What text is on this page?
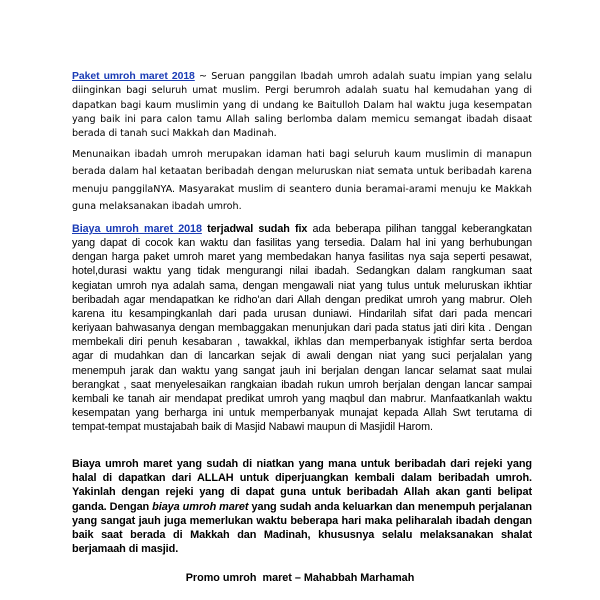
Paket umroh maret 2018 ~ Seruan panggilan Ibadah umroh adalah suatu impian yang selalu diinginkan bagi seluruh umat muslim. Pergi berumroh adalah suatu hal kemudahan yang di dapatkan bagi kaum muslimin yang di undang ke Baitulloh Dalam hal waktu juga kesempatan yang baik ini para calon tamu Allah saling berlomba dalam memicu semangat ibadah disaat berada di tanah suci Makkah dan Madinah.

Menunaikan ibadah umroh merupakan idaman hati bagi seluruh kaum muslimin di manapun berada dalam hal ketaatan beribadah dengan meluruskan niat semata untuk beribadah karena menuju panggilaNYA. Masyarakat muslim di seantero dunia beramai-arami menuju ke Makkah guna melaksanakan ibadah umroh.

Biaya umroh maret 2018 terjadwal sudah fix ada beberapa pilihan tanggal keberangkatan yang dapat di cocok kan waktu dan fasilitas yang tersedia. Dalam hal ini yang berhubungan dengan harga paket umroh maret yang membedakan hanya fasilitas nya saja seperti pesawat, hotel,durasi waktu yang tidak mengurangi nilai ibadah. Sedangkan dalam rangkuman saat kegiatan umroh nya adalah sama, dengan mengawali niat yang tulus untuk meluruskan ikhtiar beribadah agar mendapatkan ke ridho'an dari Allah dengan predikat umroh yang mabrur. Oleh karena itu kesampingkanlah dari pada urusan duniawi. Hindarilah sifat dari pada mencari keriyaan bahwasanya dengan membaggakan menunjukan dari pada status jati diri kita . Dengan membekali diri penuh kesabaran , tawakkal, ikhlas dan memperbanyak istighfar serta berdoa agar di mudahkan dan di lancarkan sejak di awali dengan niat yang suci perjalalan yang menempuh jarak dan waktu yang sangat jauh ini berjalan dengan lancar selamat saat mulai berangkat , saat menyelesaikan rangkaian ibadah rukun umroh berjalan dengan lancar sampai kembali ke tanah air mendapat predikat umroh yang maqbul dan mabrur. Manfaatkanlah waktu kesempatan yang berharga ini untuk memperbanyak munajat kepada Allah Swt terutama di tempat-tempat mustajabah baik di Masjid Nabawi maupun di Masjidil Harom.

Biaya umroh maret yang sudah di niatkan yang mana untuk beribadah dari rejeki yang halal di dapatkan dari ALLAH untuk diperjuangkan kembali dalam beribadah umroh. Yakinlah dengan rejeki yang di dapat guna untuk beribadah Allah akan ganti belipat ganda. Dengan biaya umroh maret yang sudah anda keluarkan dan menempuh perjalanan yang sangat jauh juga memerlukan waktu beberapa hari maka peliharalah ibadah dengan baik saat berada di Makkah dan Madinah, khususnya selalu melaksanakan shalat berjamaah di masjid.

Promo umroh  maret – Mahabbah Marhamah
